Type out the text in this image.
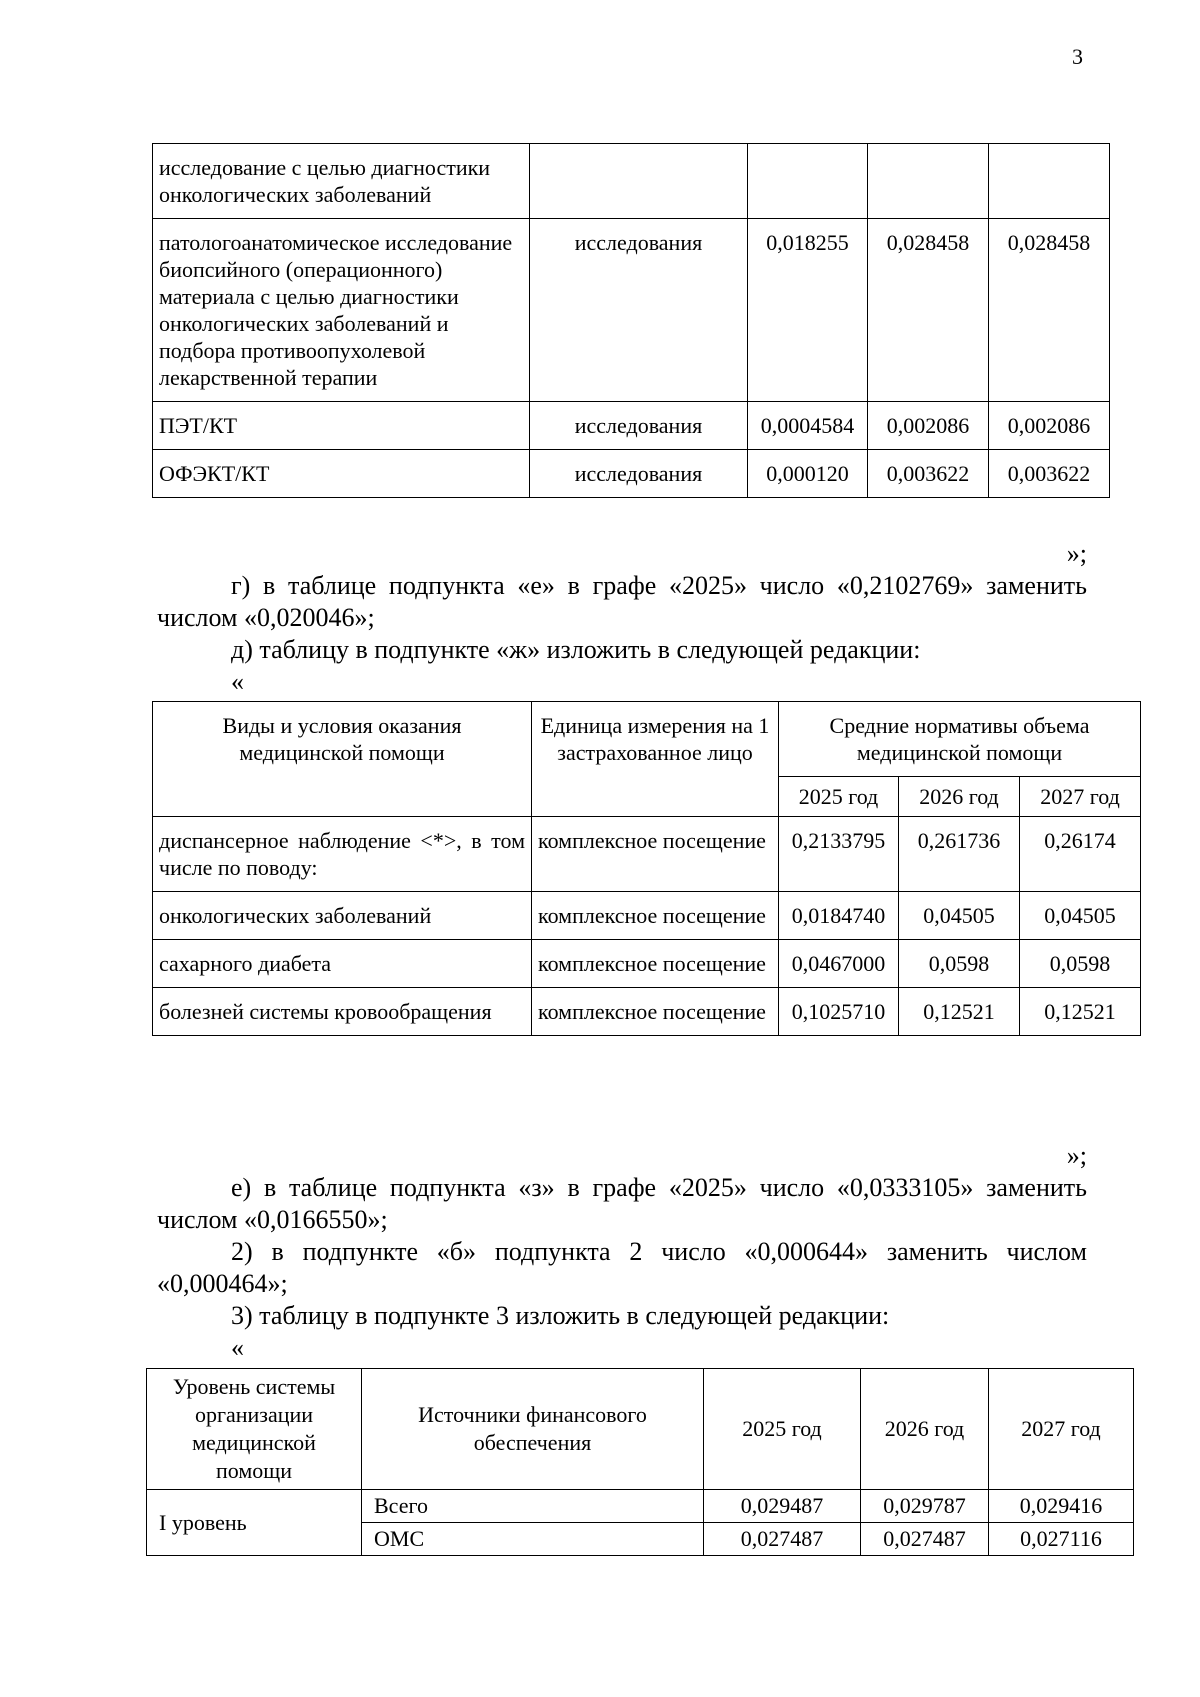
3
исследование с целью диагностики онкологических заболеваний				
патологоанатомическое исследование биопсийного (операционного) материала с целью диагностики онкологических заболеваний и подбора противоопухолевой лекарственной терапии	исследования	0,018255	0,028458	0,028458
ПЭТ/КТ	исследования	0,0004584	0,002086	0,002086
ОФЭКТ/КТ	исследования	0,000120	0,003622	0,003622
»;
г) в таблице подпункта «е» в графе «2025» число «0,2102769» заменить числом «0,020046»;
д) таблицу в подпункте «ж» изложить в следующей редакции:
«
Виды и условия оказания медицинской помощи	Единица измерения на 1 застрахованное лицо	Средние нормативы объема медицинской помощи		
		2025 год	2026 год	2027 год
диспансерное наблюдение <*>, в том числе по поводу:	комплексное посещение	0,2133795	0,261736	0,26174
онкологических заболеваний	комплексное посещение	0,0184740	0,04505	0,04505
сахарного диабета	комплексное посещение	0,0467000	0,0598	0,0598
болезней системы кровообращения	комплексное посещение	0,1025710	0,12521	0,12521
»;
е) в таблице подпункта «з» в графе «2025» число «0,0333105» заменить числом «0,0166550»;
2) в подпункте «б» подпункта 2 число «0,000644» заменить числом «0,000464»;
3) таблицу в подпункте 3 изложить в следующей редакции:
«
Уровень системы организации медицинской помощи	Источники финансового обеспечения	2025 год	2026 год	2027 год
I уровень	Всего	0,029487	0,029787	0,029416
	ОМС	0,027487	0,027487	0,027116
